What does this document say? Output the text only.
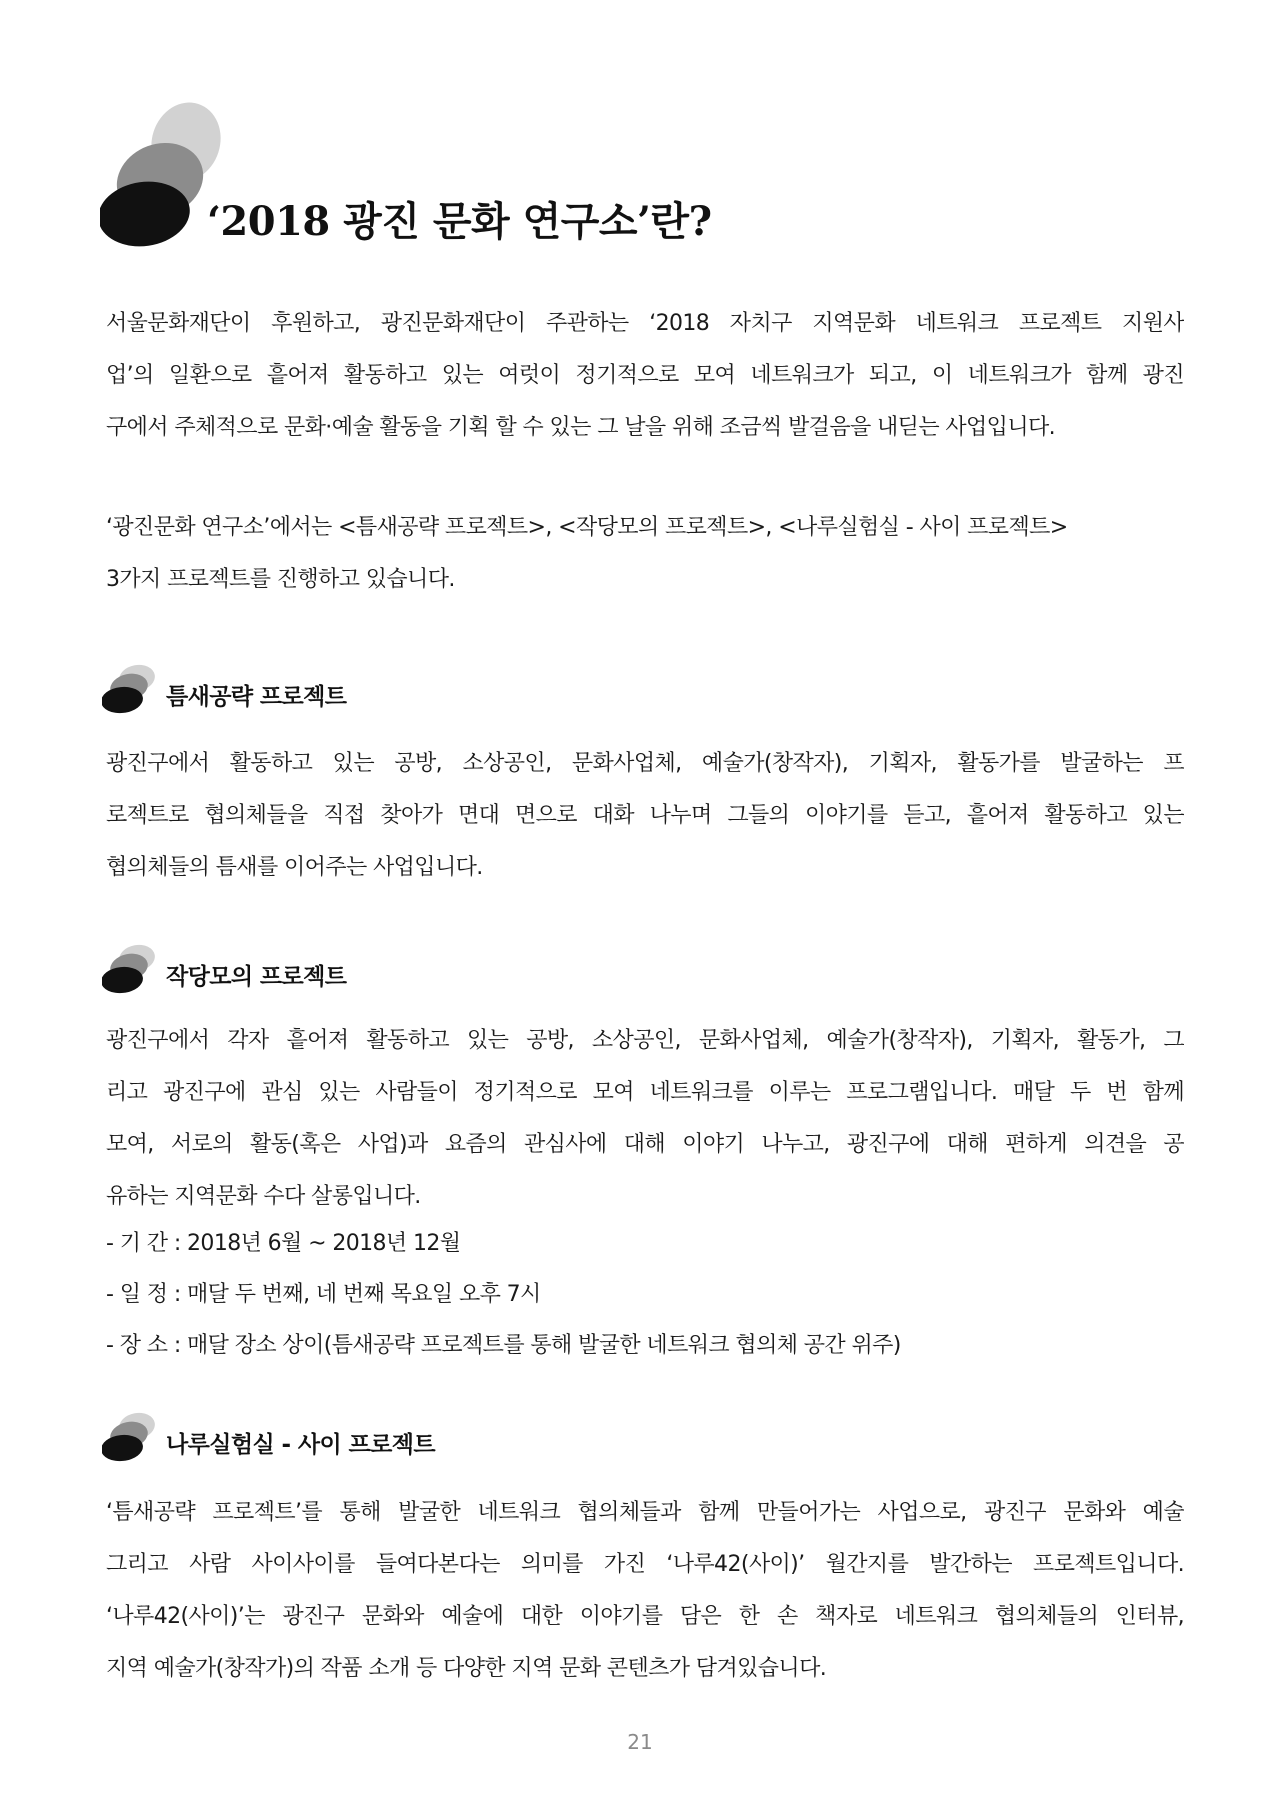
‘2018 광진 문화 연구소’란?

서울문화재단이 후원하고, 광진문화재단이 주관하는 ‘2018 자치구 지역문화 네트워크 프로젝트 지원사
업’의 일환으로 흩어져 활동하고 있는 여럿이 정기적으로 모여 네트워크가 되고, 이 네트워크가 함께 광진
구에서 주체적으로 문화·예술 활동을 기획 할 수 있는 그 날을 위해 조금씩 발걸음을 내딛는 사업입니다.

‘광진문화 연구소’에서는 <틈새공략 프로젝트>, <작당모의 프로젝트>, <나루실험실 - 사이 프로젝트>
3가지 프로젝트를 진행하고 있습니다.

틈새공략 프로젝트

광진구에서 활동하고 있는 공방, 소상공인, 문화사업체, 예술가(창작자), 기획자, 활동가를 발굴하는 프
로젝트로 협의체들을 직접 찾아가 면대 면으로 대화 나누며 그들의 이야기를 듣고, 흩어져 활동하고 있는
협의체들의 틈새를 이어주는 사업입니다.

작당모의 프로젝트

광진구에서 각자 흩어져 활동하고 있는 공방, 소상공인, 문화사업체, 예술가(창작자), 기획자, 활동가, 그
리고 광진구에 관심 있는 사람들이 정기적으로 모여 네트워크를 이루는 프로그램입니다. 매달 두 번 함께
모여, 서로의 활동(혹은 사업)과 요즘의 관심사에 대해 이야기 나누고, 광진구에 대해 편하게 의견을 공
유하는 지역문화 수다 살롱입니다.

- 기 간 : 2018년 6월 ~ 2018년 12월
- 일 정 : 매달 두 번째, 네 번째 목요일 오후 7시
- 장 소 : 매달 장소 상이(틈새공략 프로젝트를 통해 발굴한 네트워크 협의체 공간 위주)

나루실험실 - 사이 프로젝트

‘틈새공략 프로젝트’를 통해 발굴한 네트워크 협의체들과 함께 만들어가는 사업으로, 광진구 문화와 예술
그리고 사람 사이사이를 들여다본다는 의미를 가진 ‘나루42(사이)’ 월간지를 발간하는 프로젝트입니다.
‘나루42(사이)’는 광진구 문화와 예술에 대한 이야기를 담은 한 손 책자로 네트워크 협의체들의 인터뷰,
지역 예술가(창작가)의 작품 소개 등 다양한 지역 문화 콘텐츠가 담겨있습니다.

21
